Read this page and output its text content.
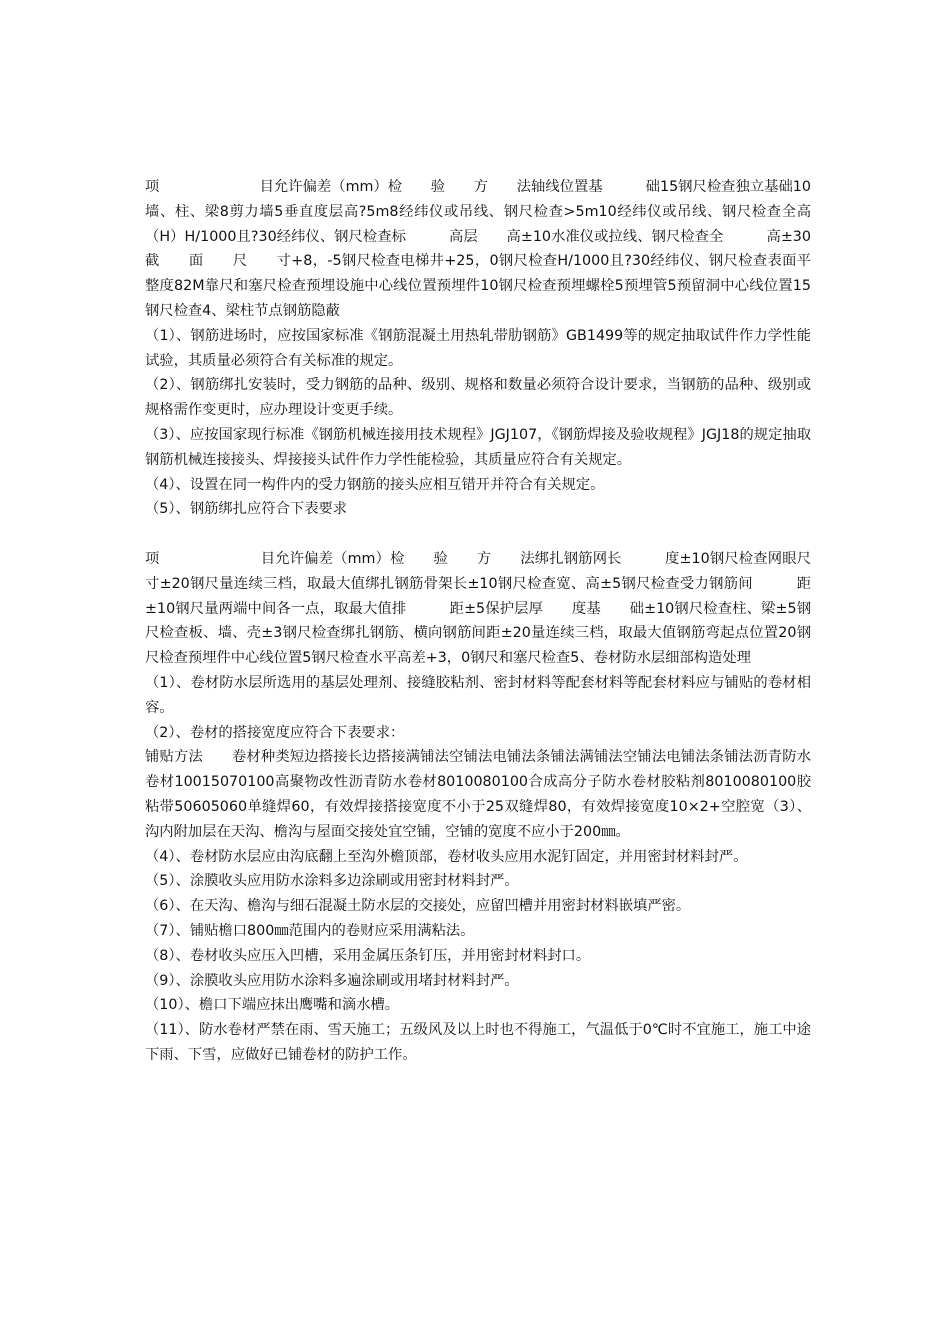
项　　　　　　　目允许偏差（mm）检　　验　　方　　法轴线位置基　　　础15钢尺检查独立基础10墙、柱、梁8剪力墙5垂直度层高?5m8经纬仪或吊线、钢尺检查>5m10经纬仪或吊线、钢尺检查全高（H）H/1000且?30经纬仪、钢尺检查标　　　高层　　高±10水准仪或拉线、钢尺检查全　　　高±30截　　面　　尺　　寸+8，-5钢尺检查电梯井+25，0钢尺检查H/1000且?30经纬仪、钢尺检查表面平整度82M靠尺和塞尺检查预埋设施中心线位置预埋件10钢尺检查预埋螺栓5预埋管5预留洞中心线位置15钢尺检查4、梁柱节点钢筋隐蔽

（1）、钢筋进场时，应按国家标准《钢筋混凝土用热轧带肋钢筋》GB1499等的规定抽取试件作力学性能试验，其质量必须符合有关标准的规定。

（2）、钢筋绑扎安装时，受力钢筋的品种、级别、规格和数量必须符合设计要求，当钢筋的品种、级别或规格需作变更时，应办理设计变更手续。

（3）、应按国家现行标准《钢筋机械连接用技术规程》JGJ107，《钢筋焊接及验收规程》JGJ18的规定抽取钢筋机械连接接头、焊接接头试件作力学性能检验，其质量应符合有关规定。

（4）、设置在同一构件内的受力钢筋的接头应相互错开并符合有关规定。

（5）、钢筋绑扎应符合下表要求

项　　　　　　　目允许偏差（mm）检　　验　　方　　法绑扎钢筋网长　　　度±10钢尺检查网眼尺寸±20钢尺量连续三档，取最大值绑扎钢筋骨架长±10钢尺检查宽、高±5钢尺检查受力钢筋间　　　距±10钢尺量两端中间各一点，取最大值排　　　距±5保护层厚　　度基　　础±10钢尺检查柱、梁±5钢尺检查板、墙、壳±3钢尺检查绑扎钢筋、横向钢筋间距±20量连续三档，取最大值钢筋弯起点位置20钢尺检查预埋件中心线位置5钢尺检查水平高差+3，0钢尺和塞尺检查5、卷材防水层细部构造处理

（1）、卷材防水层所选用的基层处理剂、接缝胶粘剂、密封材料等配套材料等配套材料应与铺贴的卷材相容。

（2）、卷材的搭接宽度应符合下表要求：

铺贴方法　　卷材种类短边搭接长边搭接满铺法空铺法电铺法条铺法满铺法空铺法电铺法条铺法沥青防水卷材10015070100高聚物改性沥青防水卷材8010080100合成高分子防水卷材胶粘剂8010080100胶粘带50605060单缝焊60，有效焊接搭接宽度不小于25双缝焊80，有效焊接宽度10×2+空腔宽（3）、沟内附加层在天沟、檐沟与屋面交接处宜空铺，空铺的宽度不应小于200㎜。

（4）、卷材防水层应由沟底翻上至沟外檐顶部，卷材收头应用水泥钉固定，并用密封材料封严。

（5）、涂膜收头应用防水涂料多边涂刷或用密封材料封严。

（6）、在天沟、檐沟与细石混凝土防水层的交接处，应留凹槽并用密封材料嵌填严密。

（7）、铺贴檐口800㎜范围内的卷财应采用满粘法。

（8）、卷材收头应压入凹槽，采用金属压条钉压，并用密封材料封口。

（9）、涂膜收头应用防水涂料多遍涂刷或用堵封材料封严。

（10）、檐口下端应抹出鹰嘴和滴水槽。

（11）、防水卷材严禁在雨、雪天施工；五级风及以上时也不得施工，气温低于0℃时不宜施工，施工中途下雨、下雪，应做好已铺卷材的防护工作。
